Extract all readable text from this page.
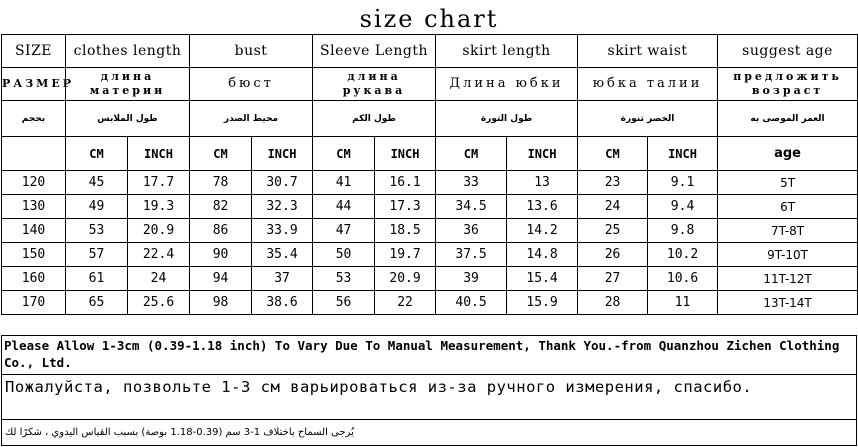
size chart
SIZE	clothes length		bust		Sleeve Length		skirt length		skirt waist		suggest age
РАЗМЕР	длина материи		бюст		длина рукава		Длина юбки		юбка талии		предложить возраст
بحجم	طول الملابس		محيط الصدر		طول الكم		طول التورة		الخصر تنورة		العمر الموصى به
	CM	INCH	CM	INCH	CM	INCH	CM	INCH	CM	INCH	age
120	45	17.7	78	30.7	41	16.1	33	13	23	9.1	5T
130	49	19.3	82	32.3	44	17.3	34.5	13.6	24	9.4	6T
140	53	20.9	86	33.9	47	18.5	36	14.2	25	9.8	7T-8T
150	57	22.4	90	35.4	50	19.7	37.5	14.8	26	10.2	9T-10T
160	61	24	94	37	53	20.9	39	15.4	27	10.6	11T-12T
170	65	25.6	98	38.6	56	22	40.5	15.9	28	11	13T-14T
Please Allow 1-3cm (0.39-1.18 inch) To Vary Due To Manual Measurement, Thank You.-from Quanzhou Zichen Clothing Co., Ltd.
Пожалуйста, позвольте 1-3 см варьироваться из-за ручного измерения, спасибо.
يُرجى السماح باختلاف 1-3 سم (0.39-1.18 بوصة) بسبب القياس اليدوي ، شكرًا لك
